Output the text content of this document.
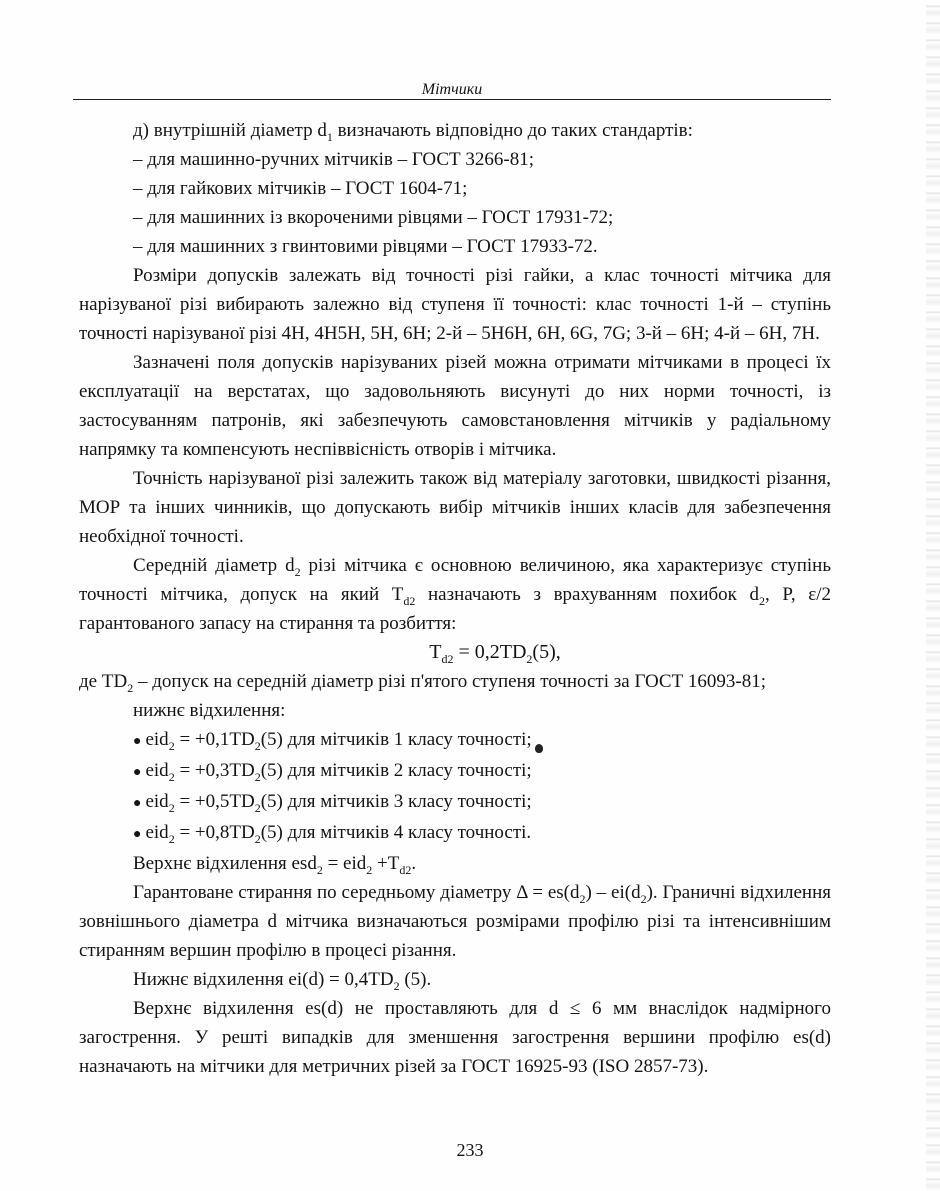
Мітчики
д) внутрішній діаметр $d_1$ визначають відповідно до таких стандартів:
– для машинно-ручних мітчиків – ГОСТ 3266-81;
– для гайкових мітчиків – ГОСТ 1604-71;
– для машинних із вкороченими рівцями – ГОСТ 17931-72;
– для машинних з гвинтовими рівцями – ГОСТ 17933-72.

Розміри допусків залежать від точності різі гайки, а клас точності мітчика для нарізуваної різі вибирають залежно від ступеня її точності: клас точності 1-й – ступінь точності нарізуваної різі 4H, 4H5H, 5H, 6H; 2-й – 5H6H, 6H, 6G, 7G; 3-й – 6H; 4-й – 6H, 7H.

Зазначені поля допусків нарізуваних різей можна отримати мітчиками в процесі їх експлуатації на верстатах, що задовольняють висунуті до них норми точності, із застосуванням патронів, які забезпечують самовстановлення мітчиків у радіальному напрямку та компенсують неспіввісність отворів і мітчика.

Точність нарізуваної різі залежить також від матеріалу заготовки, швидкості різання, МОР та інших чинників, що допускають вибір мітчиків інших класів для забезпечення необхідної точності.

Середній діаметр $d_2$ різі мітчика є основною величиною, яка характеризує ступінь точності мітчика, допуск на який $T_{d2}$ назначають з врахуванням похибок $d_2$, P, ε/2 гарантованого запасу на стирання та розбиття:

$T_{d2} = 0,2TD_2(5)$,

де $TD_2$ – допуск на середній діаметр різі п'ятого ступеня точності за ГОСТ 16093-81;

нижнє відхилення:
● $eid_2 = +0,1TD_2(5)$ для мітчиків 1 класу точності;
● $eid_2 = +0,3TD_2(5)$ для мітчиків 2 класу точності;
● $eid_2 = +0,5TD_2(5)$ для мітчиків 3 класу точності;
● $eid_2 = +0,8TD_2(5)$ для мітчиків 4 класу точності.
Верхнє відхилення $esd_2 = eid_2 +T_{d2}$.

Гарантоване стирання по середньому діаметру $\Delta = es(d_2) - ei(d_2)$. Граничні відхилення зовнішнього діаметра d мітчика визначаються розмірами профілю різі та інтенсивнішим стиранням вершин профілю в процесі різання.

Нижнє відхилення $ei(d) = 0,4TD_2$ (5).

Верхнє відхилення es(d) не проставляють для d ≤ 6 мм внаслідок надмірного загострення. У решті випадків для зменшення загострення вершини профілю es(d) назначають на мітчики для метричних різей за ГОСТ 16925-93 (ISO 2857-73).

233
